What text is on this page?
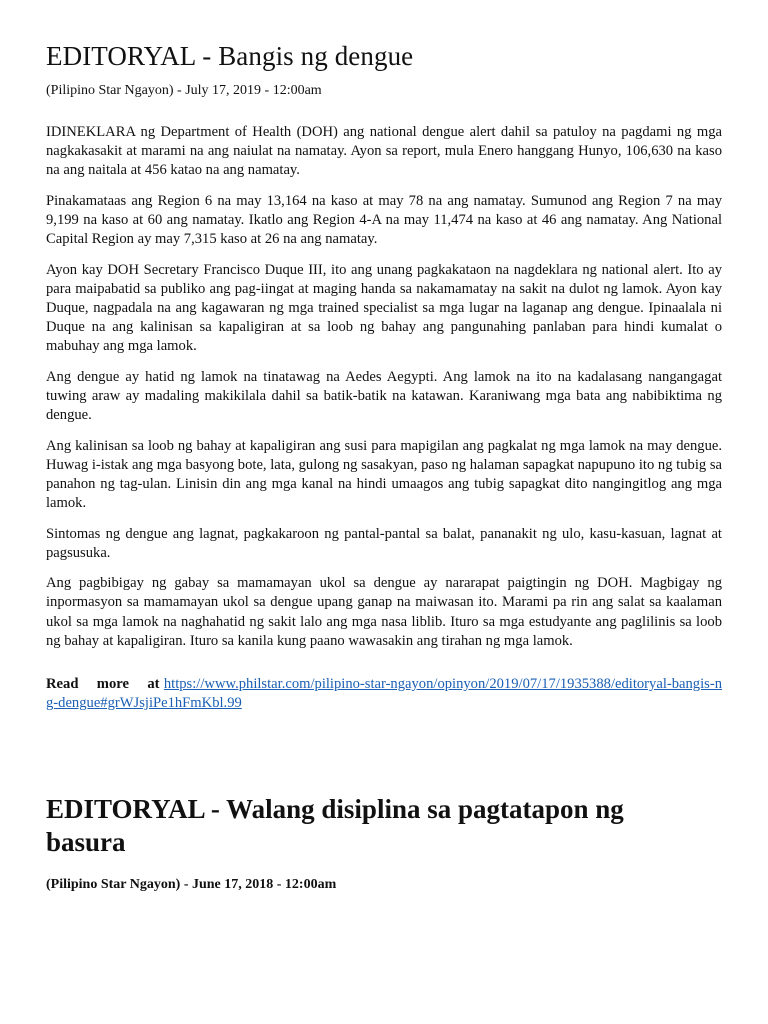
EDITORYAL - Bangis ng dengue

(Pilipino Star Ngayon) - July 17, 2019 - 12:00am

IDINEKLARA ng Department of Health (DOH) ang national dengue alert dahil sa patuloy na pagdami ng mga nagkakasakit at marami na ang naiulat na namatay. Ayon sa report, mula Enero hanggang Hunyo, 106,630 na kaso na ang naitala at 456 katao na ang namatay.

Pinakamataas ang Region 6 na may 13,164 na kaso at may 78 na ang namatay. Sumunod ang Region 7 na may 9,199 na kaso at 60 ang namatay. Ikatlo ang Region 4-A na may 11,474 na kaso at 46 ang namatay. Ang National Capital Region ay may 7,315 kaso at 26 na ang namatay.

Ayon kay DOH Secretary Francisco Duque III, ito ang unang pagkakataon na nagdeklara ng national alert. Ito ay para maipabatid sa publiko ang pag-iingat at maging handa sa nakamamatay na sakit na dulot ng lamok. Ayon kay Duque, nagpadala na ang kagawaran ng mga trained specialist sa mga lugar na laganap ang dengue. Ipinaalala ni Duque na ang kalinisan sa kapaligiran at sa loob ng bahay ang pangunahing panlaban para hindi kumalat o mabuhay ang mga lamok.

Ang dengue ay hatid ng lamok na tinatawag na Aedes Aegypti. Ang lamok na ito na kadalasang nangangagat tuwing araw ay madaling makikilala dahil sa batik-batik na katawan. Karaniwang mga bata ang nabibiktima ng dengue.

Ang kalinisan sa loob ng bahay at kapaligiran ang susi para mapigilan ang pagkalat ng mga lamok na may dengue. Huwag i-istak ang mga basyong bote, lata, gulong ng sasakyan, paso ng halaman sapagkat napupuno ito ng tubig sa panahon ng tag-ulan. Linisin din ang mga kanal na hindi umaagos ang tubig sapagkat dito nangingitlog ang mga lamok.

Sintomas ng dengue ang lagnat, pagkakaroon ng pantal-pantal sa balat, pananakit ng ulo, kasu-kasuan, lagnat at pagsusuka.

Ang pagbibigay ng gabay sa mamamayan ukol sa dengue ay nararapat paigtingin ng DOH. Magbigay ng inpormasyon sa mamamayan ukol sa dengue upang ganap na maiwasan ito. Marami pa rin ang salat sa kaalaman ukol sa mga lamok na naghahatid ng sakit lalo ang mga nasa liblib. Ituro sa mga estudyante ang paglilinis sa loob ng bahay at kapaligiran. Ituro sa kanila kung paano wawasakin ang tirahan ng mga lamok.

Read more at https://www.philstar.com/pilipino-star-ngayon/opinyon/2019/07/17/1935388/editoryal-bangis-ng-dengue#grWJsjiPe1hFmKbl.99

EDITORYAL - Walang disiplina sa pagtatapon ng basura

(Pilipino Star Ngayon) - June 17, 2018 - 12:00am
